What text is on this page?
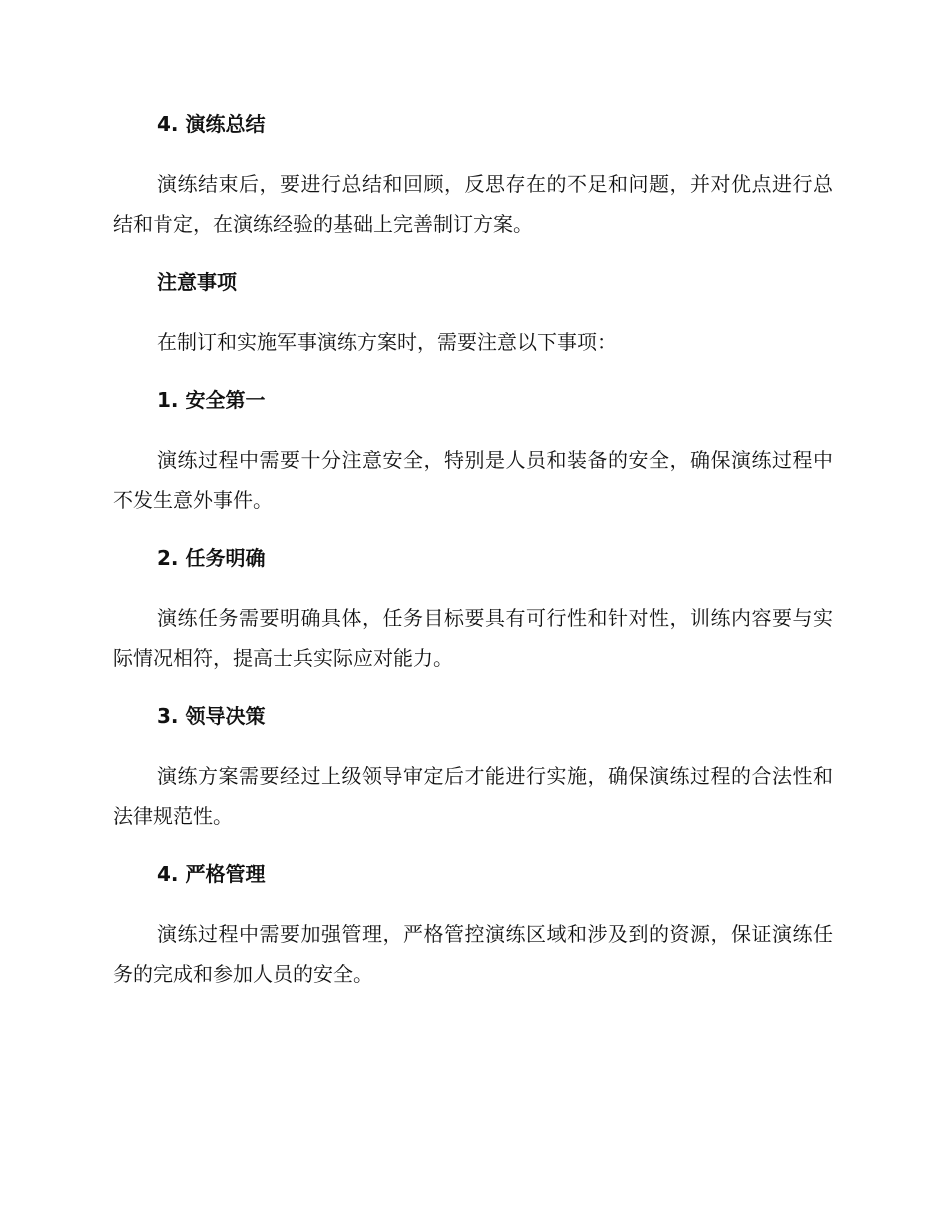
4. 演练总结

演练结束后，要进行总结和回顾，反思存在的不足和问题，并对优点进行总结和肯定，在演练经验的基础上完善制订方案。

注意事项

在制订和实施军事演练方案时，需要注意以下事项：

1. 安全第一

演练过程中需要十分注意安全，特别是人员和装备的安全，确保演练过程中不发生意外事件。

2. 任务明确

演练任务需要明确具体，任务目标要具有可行性和针对性，训练内容要与实际情况相符，提高士兵实际应对能力。

3. 领导决策

演练方案需要经过上级领导审定后才能进行实施，确保演练过程的合法性和法律规范性。

4. 严格管理

演练过程中需要加强管理，严格管控演练区域和涉及到的资源，保证演练任务的完成和参加人员的安全。
